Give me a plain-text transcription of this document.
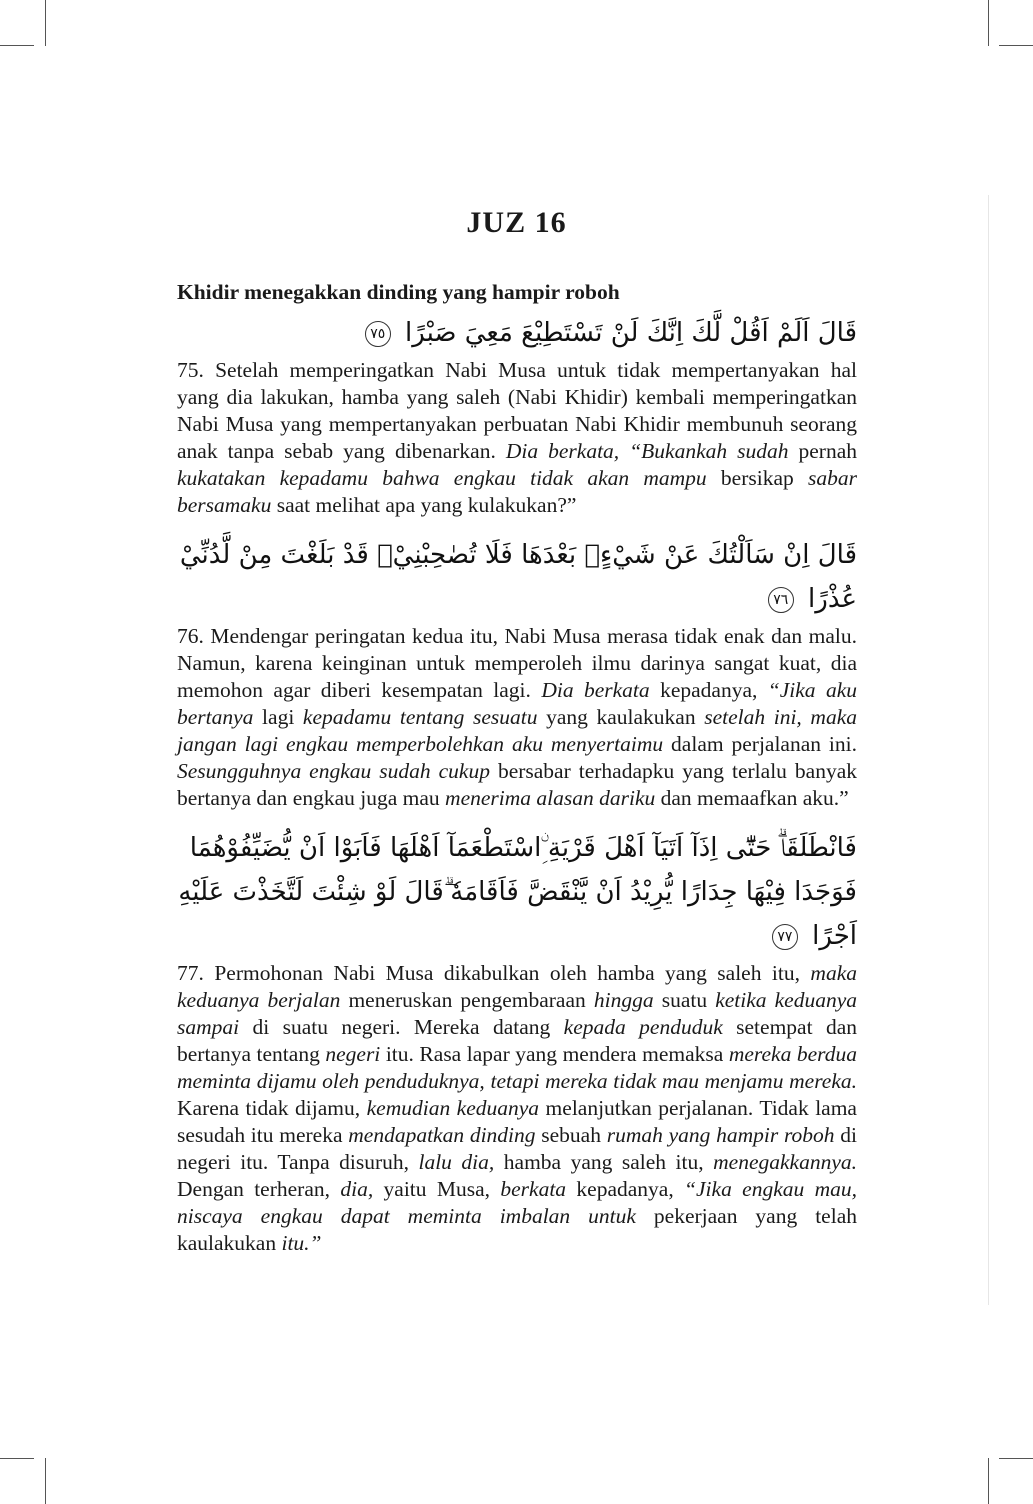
JUZ 16
Khidir menegakkan dinding yang hampir roboh
قَالَ اَلَمْ اَقُلْ لَّكَ اِنَّكَ لَنْ تَسْتَطِيْعَ مَعِيَ صَبْرًا ٧٥

75. Setelah memperingatkan Nabi Musa untuk tidak mempertanyakan hal yang dia lakukan, hamba yang saleh (Nabi Khidir) kembali memperingatkan Nabi Musa yang mempertanyakan perbuatan Nabi Khidir membunuh seorang anak tanpa sebab yang dibenarkan. Dia berkata, “Bukankah sudah pernah kukatakan kepadamu bahwa engkau tidak akan mampu bersikap sabar bersamaku saat melihat apa yang kulakukan?”

قَالَ اِنْ سَاَلْتُكَ عَنْ شَيْءٍۢ بَعْدَهَا فَلَا تُصٰحِبْنِيْۚ قَدْ بَلَغْتَ مِنْ لَّدُنِّيْ عُذْرًا ٧٦

76. Mendengar peringatan kedua itu, Nabi Musa merasa tidak enak dan malu. Namun, karena keinginan untuk memperoleh ilmu darinya sangat kuat, dia memohon agar diberi kesempatan lagi. Dia berkata kepadanya, “Jika aku bertanya lagi kepadamu tentang sesuatu yang kaulakukan setelah ini, maka jangan lagi engkau memperbolehkan aku menyertaimu dalam perjalanan ini. Sesungguhnya engkau sudah cukup bersabar terhadapku yang terlalu banyak bertanya dan engkau juga mau menerima alasan dariku dan memaafkan aku.”

فَانْطَلَقَاۗ حَتّٰٓى اِذَآ اَتَيَآ اَهْلَ قَرْيَةِ ِۨاسْتَطْعَمَآ اَهْلَهَا فَاَبَوْا اَنْ يُّضَيِّفُوْهُمَا فَوَجَدَا فِيْهَا جِدَارًا يُّرِيْدُ اَنْ يَّنْقَضَّ فَاَقَامَهٗ ۗقَالَ لَوْ شِئْتَ لَتَّخَذْتَ عَلَيْهِ اَجْرًا ٧٧

77. Permohonan Nabi Musa dikabulkan oleh hamba yang saleh itu, maka keduanya berjalan meneruskan pengembaraan hingga suatu ketika keduanya sampai di suatu negeri. Mereka datang kepada penduduk setempat dan bertanya tentang negeri itu. Rasa lapar yang mendera memaksa mereka berdua meminta dijamu oleh penduduknya, tetapi mereka tidak mau menjamu mereka. Karena tidak dijamu, kemudian keduanya melanjutkan perjalanan. Tidak lama sesudah itu mereka mendapatkan dinding sebuah rumah yang hampir roboh di negeri itu. Tanpa disuruh, lalu dia, hamba yang saleh itu, menegakkannya. Dengan terheran, dia, yaitu Musa, berkata kepadanya, “Jika engkau mau, niscaya engkau dapat meminta imbalan untuk pekerjaan yang telah kaulakukan itu.”
